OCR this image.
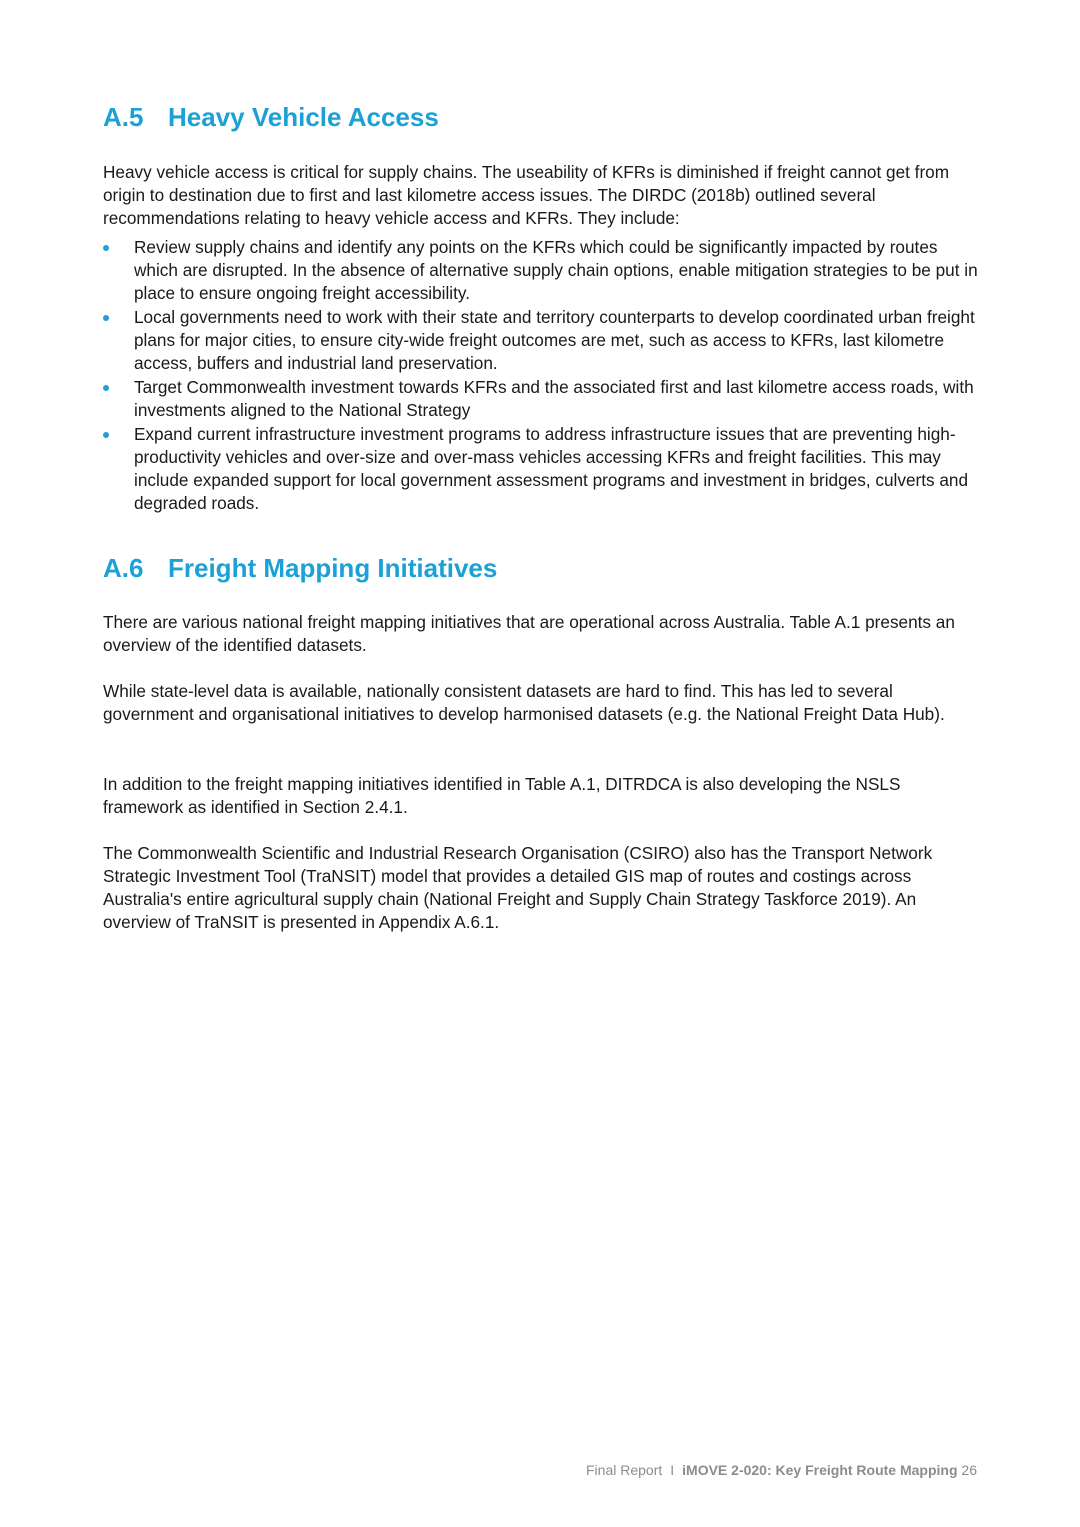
A.5 Heavy Vehicle Access

Heavy vehicle access is critical for supply chains. The useability of KFRs is diminished if freight cannot get from origin to destination due to first and last kilometre access issues. The DIRDC (2018b) outlined several recommendations relating to heavy vehicle access and KFRs. They include:

Review supply chains and identify any points on the KFRs which could be significantly impacted by routes which are disrupted. In the absence of alternative supply chain options, enable mitigation strategies to be put in place to ensure ongoing freight accessibility.
Local governments need to work with their state and territory counterparts to develop coordinated urban freight plans for major cities, to ensure city-wide freight outcomes are met, such as access to KFRs, last kilometre access, buffers and industrial land preservation.
Target Commonwealth investment towards KFRs and the associated first and last kilometre access roads, with investments aligned to the National Strategy
Expand current infrastructure investment programs to address infrastructure issues that are preventing high-productivity vehicles and over-size and over-mass vehicles accessing KFRs and freight facilities. This may include expanded support for local government assessment programs and investment in bridges, culverts and degraded roads.
A.6 Freight Mapping Initiatives

There are various national freight mapping initiatives that are operational across Australia. Table A.1 presents an overview of the identified datasets.

While state-level data is available, nationally consistent datasets are hard to find. This has led to several government and organisational initiatives to develop harmonised datasets (e.g. the National Freight Data Hub).

In addition to the freight mapping initiatives identified in Table A.1, DITRDCA is also developing the NSLS framework as identified in Section 2.4.1.

The Commonwealth Scientific and Industrial Research Organisation (CSIRO) also has the Transport Network Strategic Investment Tool (TraNSIT) model that provides a detailed GIS map of routes and costings across Australia's entire agricultural supply chain (National Freight and Supply Chain Strategy Taskforce 2019). An overview of TraNSIT is presented in Appendix A.6.1.

Final Report I iMOVE 2-020: Key Freight Route Mapping 26
